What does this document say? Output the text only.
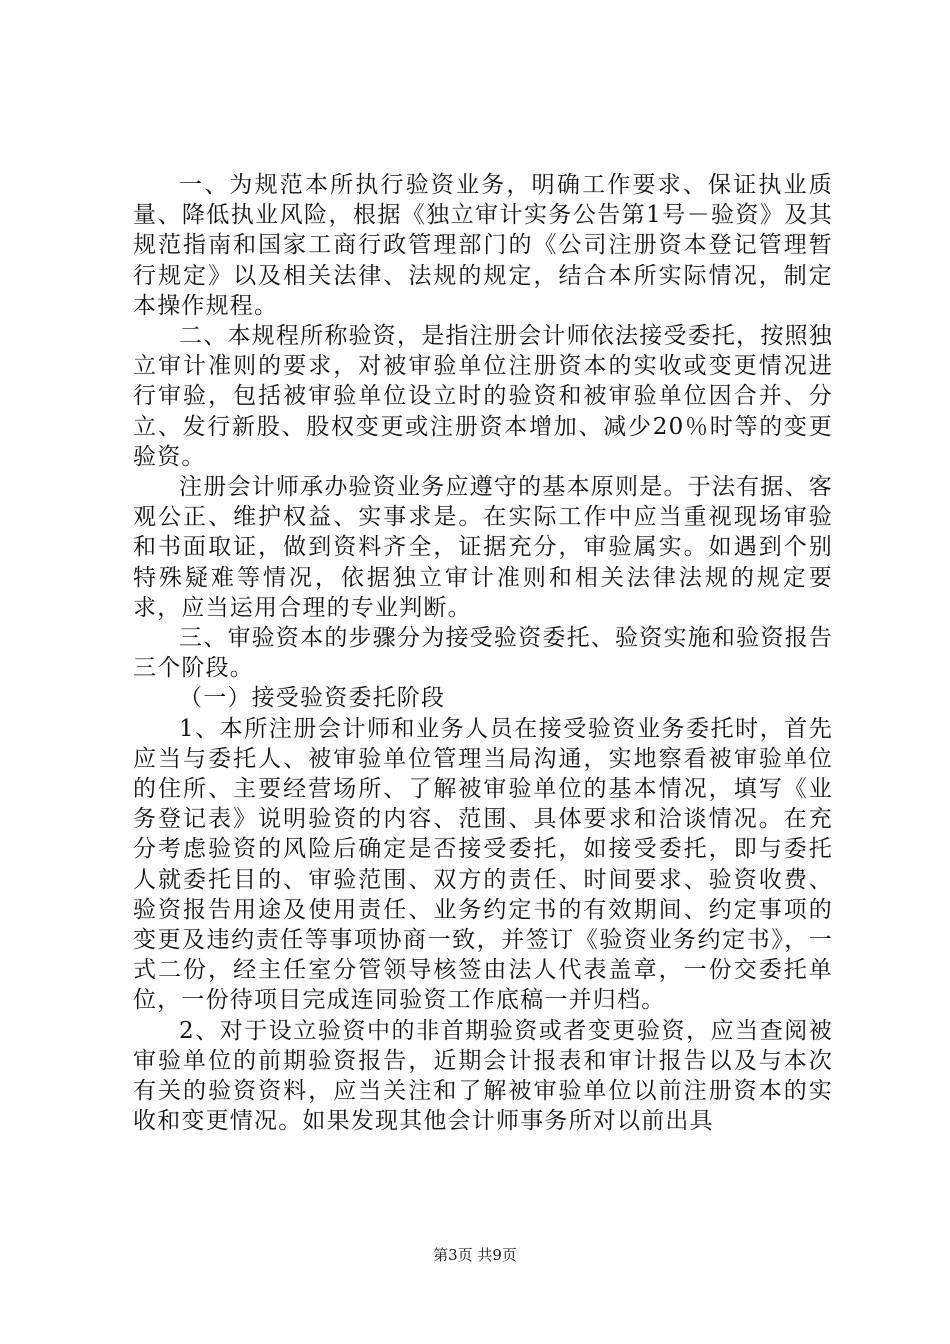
一、为规范本所执行验资业务，明确工作要求、保证执业质量、降低执业风险，根据《独立审计实务公告第1号－验资》及其规范指南和国家工商行政管理部门的《公司注册资本登记管理暂行规定》以及相关法律、法规的规定，结合本所实际情况，制定本操作规程。

二、本规程所称验资，是指注册会计师依法接受委托，按照独立审计准则的要求，对被审验单位注册资本的实收或变更情况进行审验，包括被审验单位设立时的验资和被审验单位因合并、分立、发行新股、股权变更或注册资本增加、减少20％时等的变更验资。

注册会计师承办验资业务应遵守的基本原则是。于法有据、客观公正、维护权益、实事求是。在实际工作中应当重视现场审验和书面取证，做到资料齐全，证据充分，审验属实。如遇到个别特殊疑难等情况，依据独立审计准则和相关法律法规的规定要求，应当运用合理的专业判断。

三、审验资本的步骤分为接受验资委托、验资实施和验资报告三个阶段。

（一）接受验资委托阶段

1、本所注册会计师和业务人员在接受验资业务委托时，首先应当与委托人、被审验单位管理当局沟通，实地察看被审验单位的住所、主要经营场所、了解被审验单位的基本情况，填写《业务登记表》说明验资的内容、范围、具体要求和洽谈情况。在充分考虑验资的风险后确定是否接受委托，如接受委托，即与委托人就委托目的、审验范围、双方的责任、时间要求、验资收费、验资报告用途及使用责任、业务约定书的有效期间、约定事项的变更及违约责任等事项协商一致，并签订《验资业务约定书》，一式二份，经主任室分管领导核签由法人代表盖章，一份交委托单位，一份待项目完成连同验资工作底稿一并归档。

2、对于设立验资中的非首期验资或者变更验资，应当查阅被审验单位的前期验资报告，近期会计报表和审计报告以及与本次有关的验资资料，应当关注和了解被审验单位以前注册资本的实收和变更情况。如果发现其他会计师事务所对以前出具

第3页 共9页
